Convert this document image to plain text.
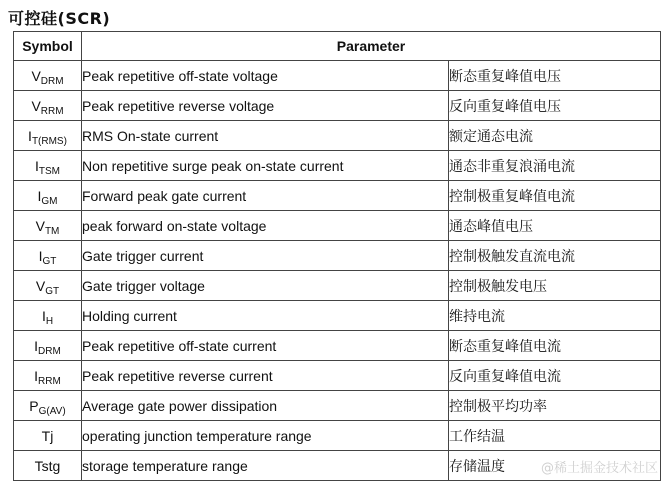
可控硅(SCR)
Symbol	Parameter	
$V_{DRM}$	Peak repetitive off-state voltage	断态重复峰值电压
$V_{RRM}$	Peak repetitive reverse voltage	反向重复峰值电压
$I_{T(RMS)}$	RMS On-state current	额定通态电流
$I_{TSM}$	Non repetitive surge peak on-state current	通态非重复浪涌电流
$I_{GM}$	Forward peak gate current	控制极重复峰值电流
$V_{TM}$	peak forward on-state voltage	通态峰值电压
$I_{GT}$	Gate trigger current	控制极触发直流电流
$V_{GT}$	Gate trigger voltage	控制极触发电压
$I_H$	Holding current	维持电流
$I_{DRM}$	Peak repetitive off-state current	断态重复峰值电流
$I_{RRM}$	Peak repetitive reverse current	反向重复峰值电流
$P_{G(AV)}$	Average gate power dissipation	控制极平均功率
Tj	operating junction temperature range	工作结温
Tstg	storage temperature range	存储温度	@稀土掘金技术社区
